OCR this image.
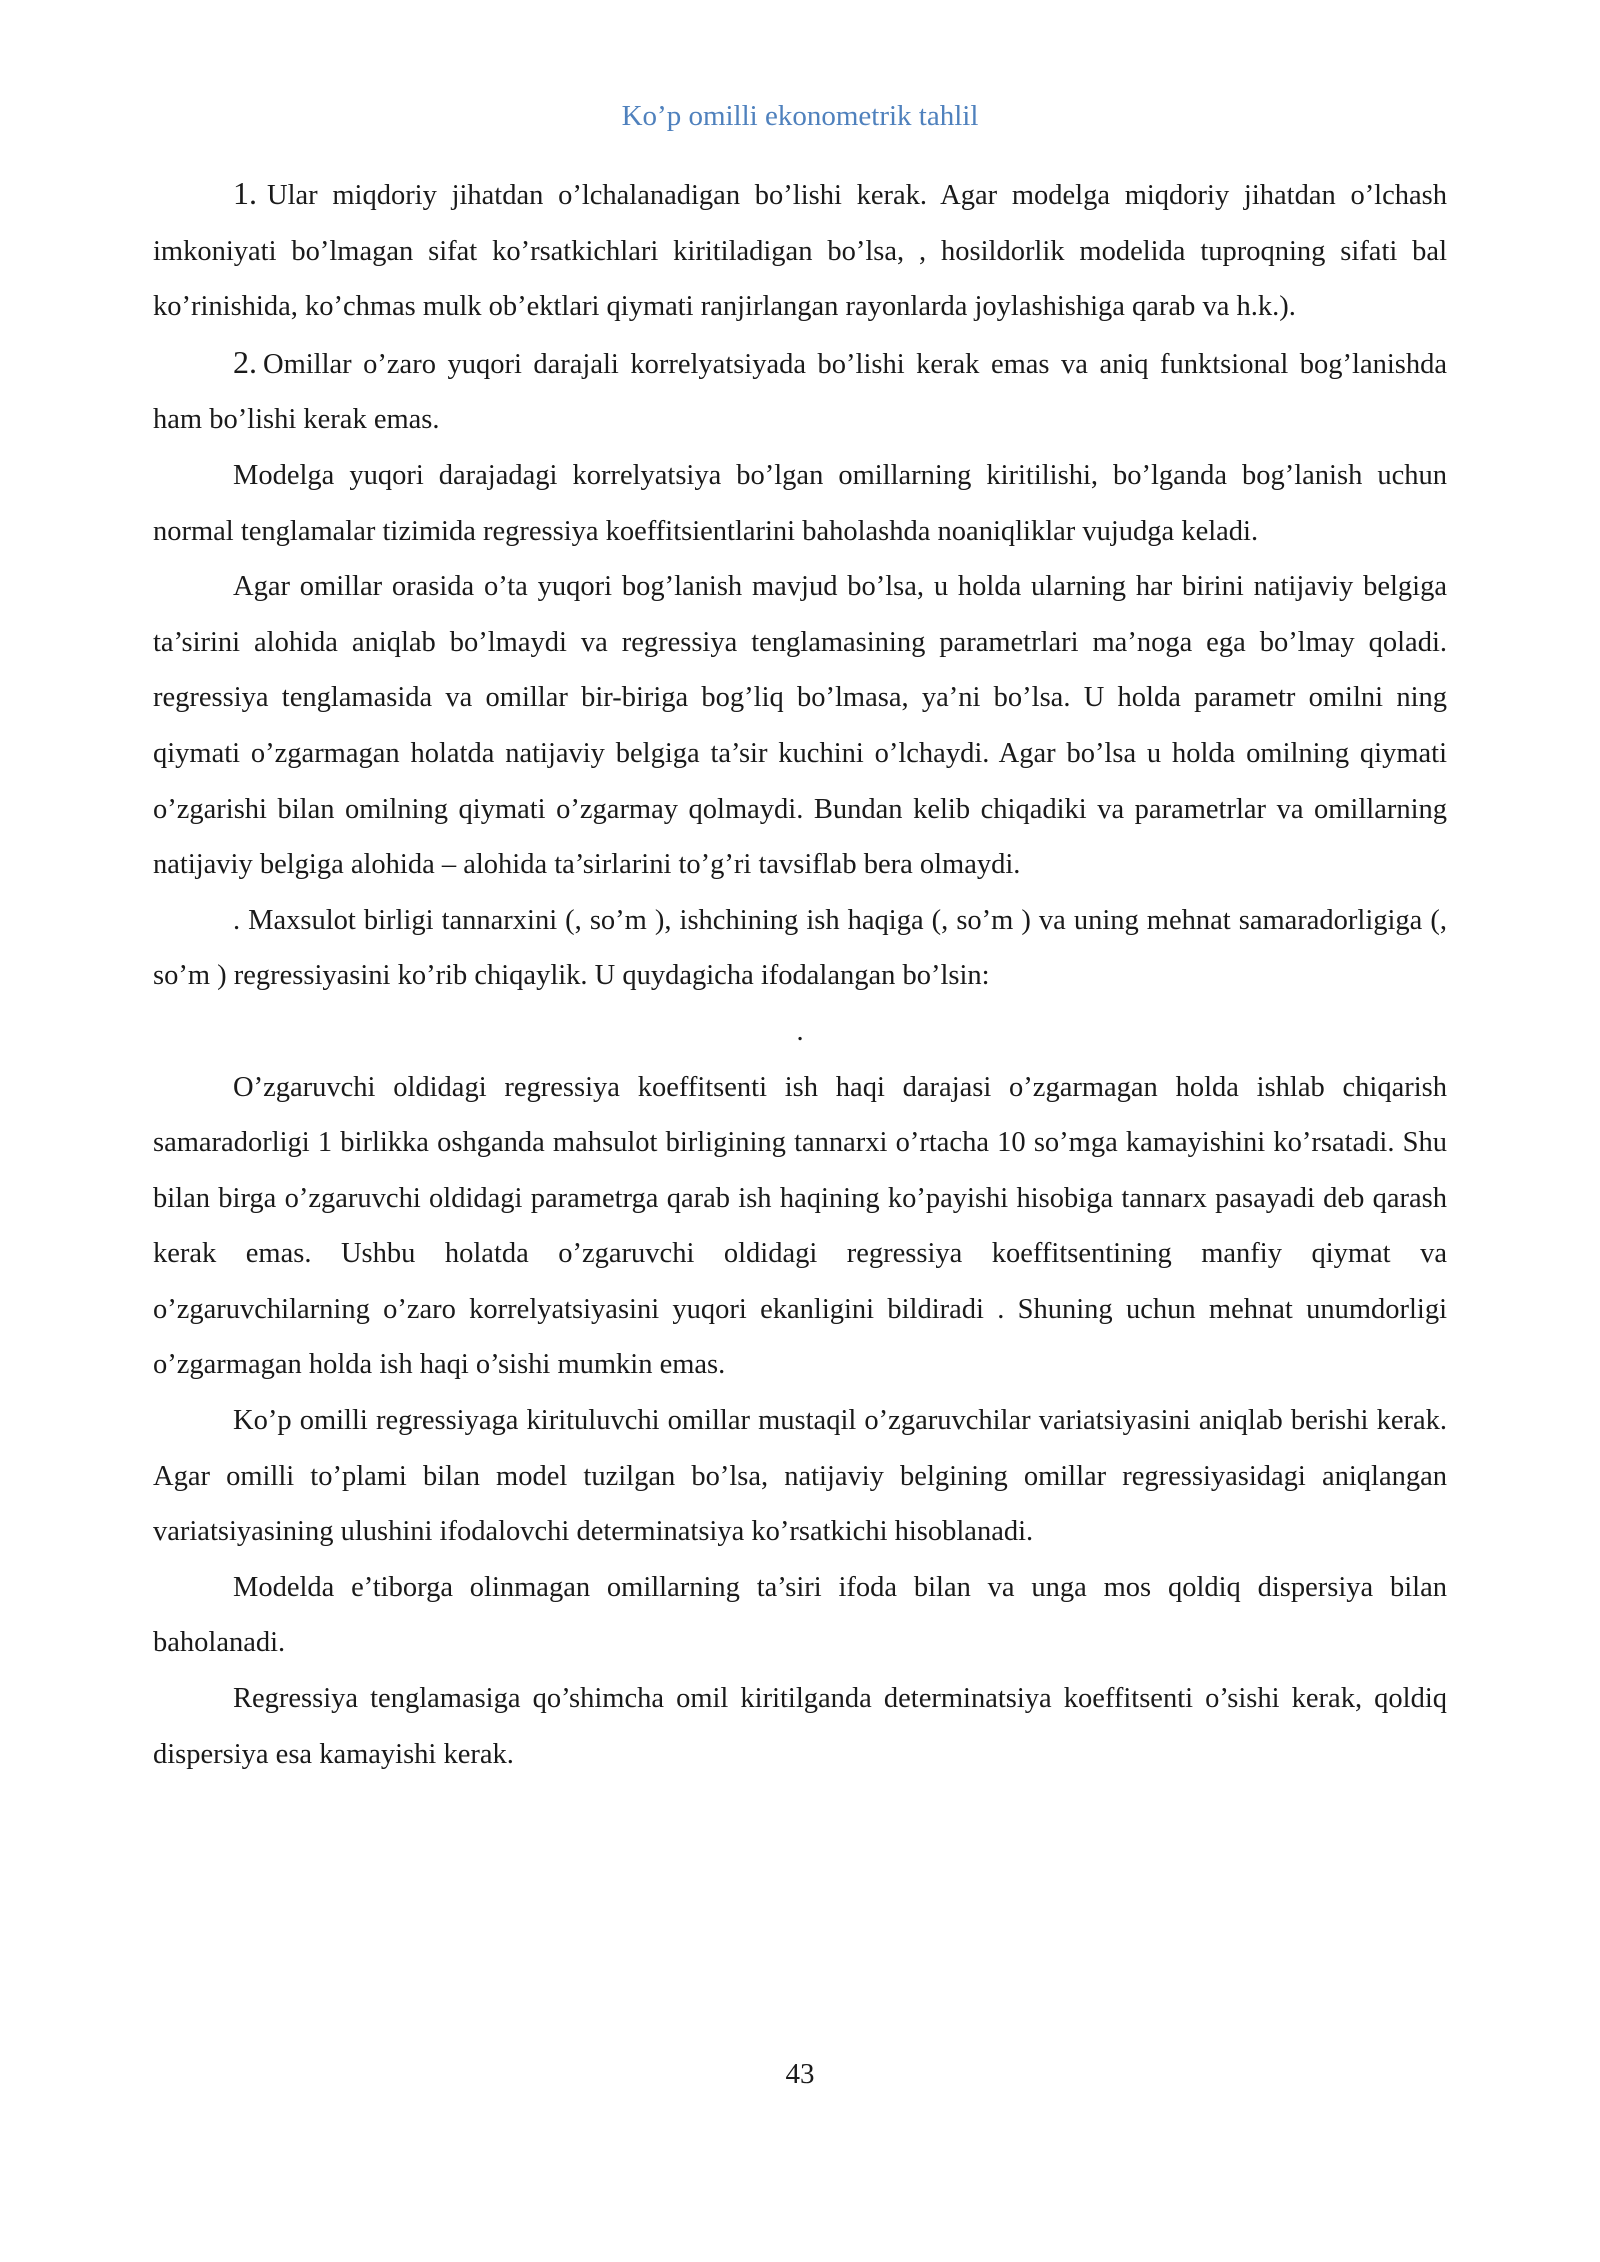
Ko’p omilli ekonometrik tahlil

1. Ular miqdoriy jihatdan o’lchalanadigan bo’lishi kerak. Agar modelga miqdoriy jihatdan o’lchash imkoniyati bo’lmagan sifat ko’rsatkichlari kiritiladigan bo’lsa, , hosildorlik modelida tuproqning sifati bal ko’rinishida, ko’chmas mulk ob’ektlari qiymati ranjirlangan rayonlarda joylashishiga qarab va h.k.).

2. Omillar o’zaro yuqori darajali korrelyatsiyada bo’lishi kerak emas va aniq funktsional bog’lanishda ham bo’lishi kerak emas.

Modelga yuqori darajadagi korrelyatsiya bo’lgan omillarning kiritilishi, bo’lganda bog’lanish uchun normal tenglamalar tizimida regressiya koeffitsientlarini baholashda noaniqliklar vujudga keladi.

Agar omillar orasida o’ta yuqori bog’lanish mavjud bo’lsa, u holda ularning har birini natijaviy belgiga ta’sirini alohida aniqlab bo’lmaydi va regressiya tenglamasining parametrlari ma’noga ega bo’lmay qoladi. regressiya tenglamasida va omillar bir-biriga bog’liq bo’lmasa, ya’ni bo’lsa. U holda parametr omilni ning qiymati o’zgarmagan holatda natijaviy belgiga ta’sir kuchini o’lchaydi. Agar bo’lsa u holda omilning qiymati o’zgarishi bilan omilning qiymati o’zgarmay qolmaydi. Bundan kelib chiqadiki va parametrlar va omillarning natijaviy belgiga alohida – alohida ta’sirlarini to’g’ri tavsiflab bera olmaydi.

. Maxsulot birligi tannarxini (, so’m ), ishchining ish haqiga (, so’m ) va uning mehnat samaradorligiga (, so’m ) regressiyasini ko’rib chiqaylik. U quydagicha ifodalangan bo’lsin:

.

O’zgaruvchi oldidagi regressiya koeffitsenti ish haqi darajasi o’zgarmagan holda ishlab chiqarish samaradorligi 1 birlikka oshganda mahsulot birligining tannarxi o’rtacha 10 so’mga kamayishini ko’rsatadi. Shu bilan birga o’zgaruvchi oldidagi parametrga qarab ish haqining ko’payishi hisobiga tannarx pasayadi deb qarash kerak emas. Ushbu holatda o’zgaruvchi oldidagi regressiya koeffitsentining manfiy qiymat va o’zgaruvchilarning o’zaro korrelyatsiyasini yuqori ekanligini bildiradi . Shuning uchun mehnat unumdorligi o’zgarmagan holda ish haqi o’sishi mumkin emas.

Ko’p omilli regressiyaga kirituluvchi omillar mustaqil o’zgaruvchilar variatsiyasini aniqlab berishi kerak. Agar omilli to’plami bilan model tuzilgan bo’lsa, natijaviy belgining omillar regressiyasidagi aniqlangan variatsiyasining ulushini ifodalovchi determinatsiya ko’rsatkichi hisoblanadi.

Modelda e’tiborga olinmagan omillarning ta’siri ifoda bilan va unga mos qoldiq dispersiya bilan baholanadi.

Regressiya tenglamasiga qo’shimcha omil kiritilganda determinatsiya koeffitsenti o’sishi kerak, qoldiq dispersiya esa kamayishi kerak.

43
